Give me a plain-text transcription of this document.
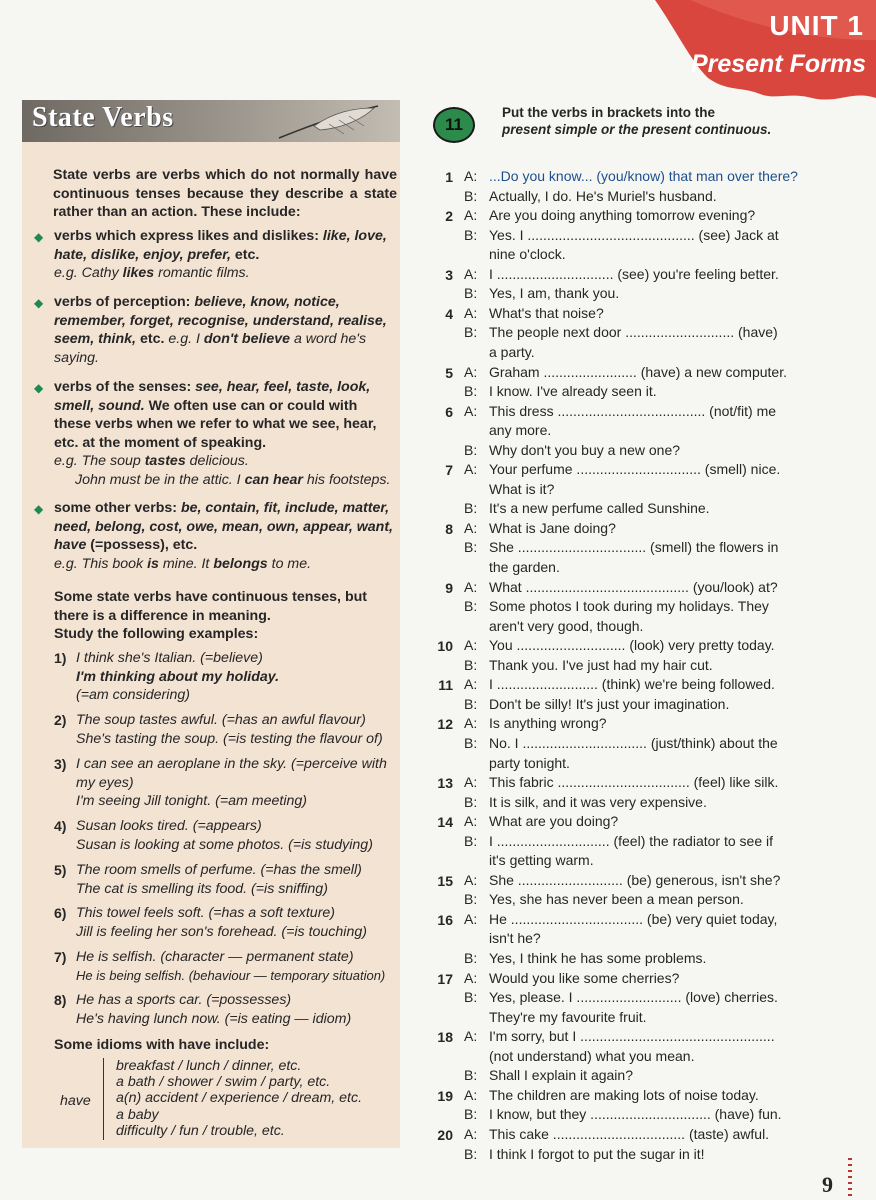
UNIT 1
Present Forms
State Verbs

State verbs are verbs which do not normally have continuous tenses because they describe a state rather than an action. These include:

◆ verbs which express likes and dislikes: like, love, hate, dislike, enjoy, prefer, etc.
e.g. Cathy likes romantic films.

◆ verbs of perception: believe, know, notice, remember, forget, recognise, understand, realise, seem, think, etc. e.g. I don't believe a word he's saying.

◆ verbs of the senses: see, hear, feel, taste, look, smell, sound. We often use can or could with these verbs when we refer to what we see, hear, etc. at the moment of speaking.
e.g. The soup tastes delicious.
John must be in the attic. I can hear his footsteps.

◆ some other verbs: be, contain, fit, include, matter, need, belong, cost, owe, mean, own, appear, want, have (=possess), etc.
e.g. This book is mine. It belongs to me.

Some state verbs have continuous tenses, but there is a difference in meaning.

Study the following examples:

1) I think she's Italian. (=believe)
I'm thinking about my holiday.
(=am considering)

2) The soup tastes awful. (=has an awful flavour)
She's tasting the soup. (=is testing the flavour of)

3) I can see an aeroplane in the sky. (=perceive with
my eyes)
I'm seeing Jill tonight. (=am meeting)

4) Susan looks tired. (=appears)
Susan is looking at some photos. (=is studying)

5) The room smells of perfume. (=has the smell)
The cat is smelling its food. (=is sniffing)

6) This towel feels soft. (=has a soft texture)
Jill is feeling her son's forehead. (=is touching)

7) He is selfish. (character — permanent state)
He is being selfish. (behaviour — temporary situation)

8) He has a sports car. (=possesses)
He's having lunch now. (=is eating — idiom)

Some idioms with have include:

have

breakfast / lunch / dinner, etc.
a bath / shower / swim / party, etc.
a(n) accident / experience / dream, etc.
a baby
difficulty / fun / trouble, etc.

11
Put the verbs in brackets into the
present simple or the present continuous.
1 A: ...Do you know... (you/know) that man over there?
B: Actually, I do. He's Muriel's husband.
2 A: Are you doing anything tomorrow evening?
B: Yes. I ........................................... (see) Jack at
nine o'clock.
3 A: I .............................. (see) you're feeling better.
B: Yes, I am, thank you.
4 A: What's that noise?
B: The people next door ............................ (have)
a party.
5 A: Graham ........................ (have) a new computer.
B: I know. I've already seen it.
6 A: This dress ...................................... (not/fit) me
any more.
B: Why don't you buy a new one?
7 A: Your perfume ................................ (smell) nice.
What is it?
B: It's a new perfume called Sunshine.
8 A: What is Jane doing?
B: She ................................. (smell) the flowers in
the garden.
9 A: What .......................................... (you/look) at?
B: Some photos I took during my holidays. They
aren't very good, though.
10 A: You ............................ (look) very pretty today.
B: Thank you. I've just had my hair cut.
11 A: I .......................... (think) we're being followed.
B: Don't be silly! It's just your imagination.
12 A: Is anything wrong?
B: No. I ................................ (just/think) about the
party tonight.
13 A: This fabric .................................. (feel) like silk.
B: It is silk, and it was very expensive.
14 A: What are you doing?
B: I ............................. (feel) the radiator to see if
it's getting warm.
15 A: She ........................... (be) generous, isn't she?
B: Yes, she has never been a mean person.
16 A: He .................................. (be) very quiet today,
isn't he?
B: Yes, I think he has some problems.
17 A: Would you like some cherries?
B: Yes, please. I ........................... (love) cherries.
They're my favourite fruit.
18 A: I'm sorry, but I ..................................................
(not understand) what you mean.
B: Shall I explain it again?
19 A: The children are making lots of noise today.
B: I know, but they ............................... (have) fun.
20 A: This cake .................................. (taste) awful.
B: I think I forgot to put the sugar in it!
9
